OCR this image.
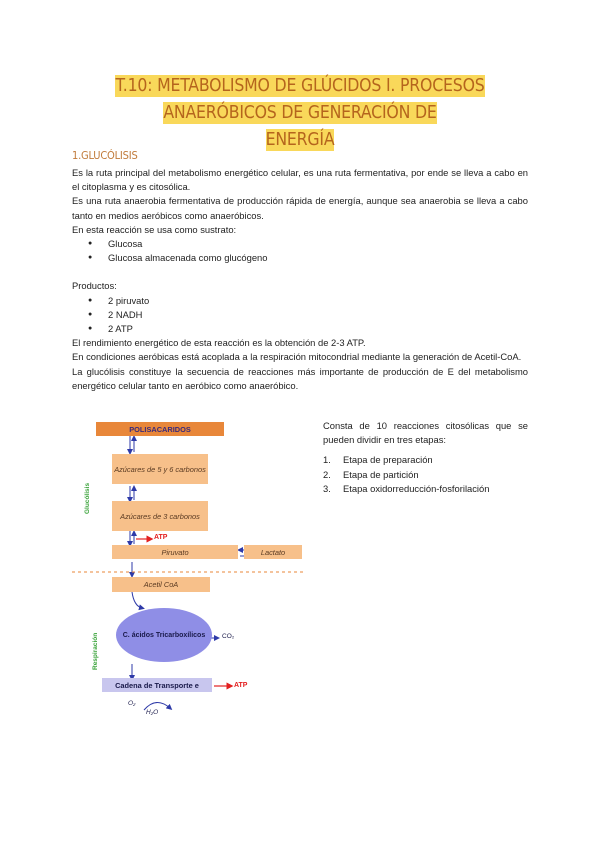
T.10: METABOLISMO DE GLÚCIDOS I. PROCESOS ANAERÓBICOS DE GENERACIÓN DE
ENERGÍA
1.GLUCÓLISIS

Es la ruta principal del metabolismo energético celular, es una ruta fermentativa, por ende se lleva a cabo en el citoplasma y es citosólica.

Es una ruta anaerobia fermentativa de producción rápida de energía, aunque sea anaerobia se lleva a cabo tanto en medios aeróbicos como anaeróbicos.

En esta reacción se usa como sustrato:

● Glucosa
● Glucosa almacenada como glucógeno

Productos:

● 2 piruvato
● 2 NADH
● 2 ATP

El rendimiento energético de esta reacción es la obtención de 2-3 ATP.

En condiciones aeróbicas está acoplada a la respiración mitocondrial mediante la generación de Acetil-CoA.

La glucólisis constituye la secuencia de reacciones más importante de producción de E del metabolismo energético celular tanto en aeróbico como anaeróbico.

POLISACARIDOS
Azúcares de 5 y 6 carbonos
Azúcares de 3 carbonos
ATP
Piruvato	Lactato
Acetil CoA
C. ácidos Tricarboxílicos	CO₂
Cadena de Transporte e	ATP
O₂
H₂O
Glucólisis
Respiración

Consta de 10 reacciones citosólicas que se pueden dividir en tres etapas:

1. Etapa de preparación
2. Etapa de partición
3. Etapa oxidorreducción-fosforilación
